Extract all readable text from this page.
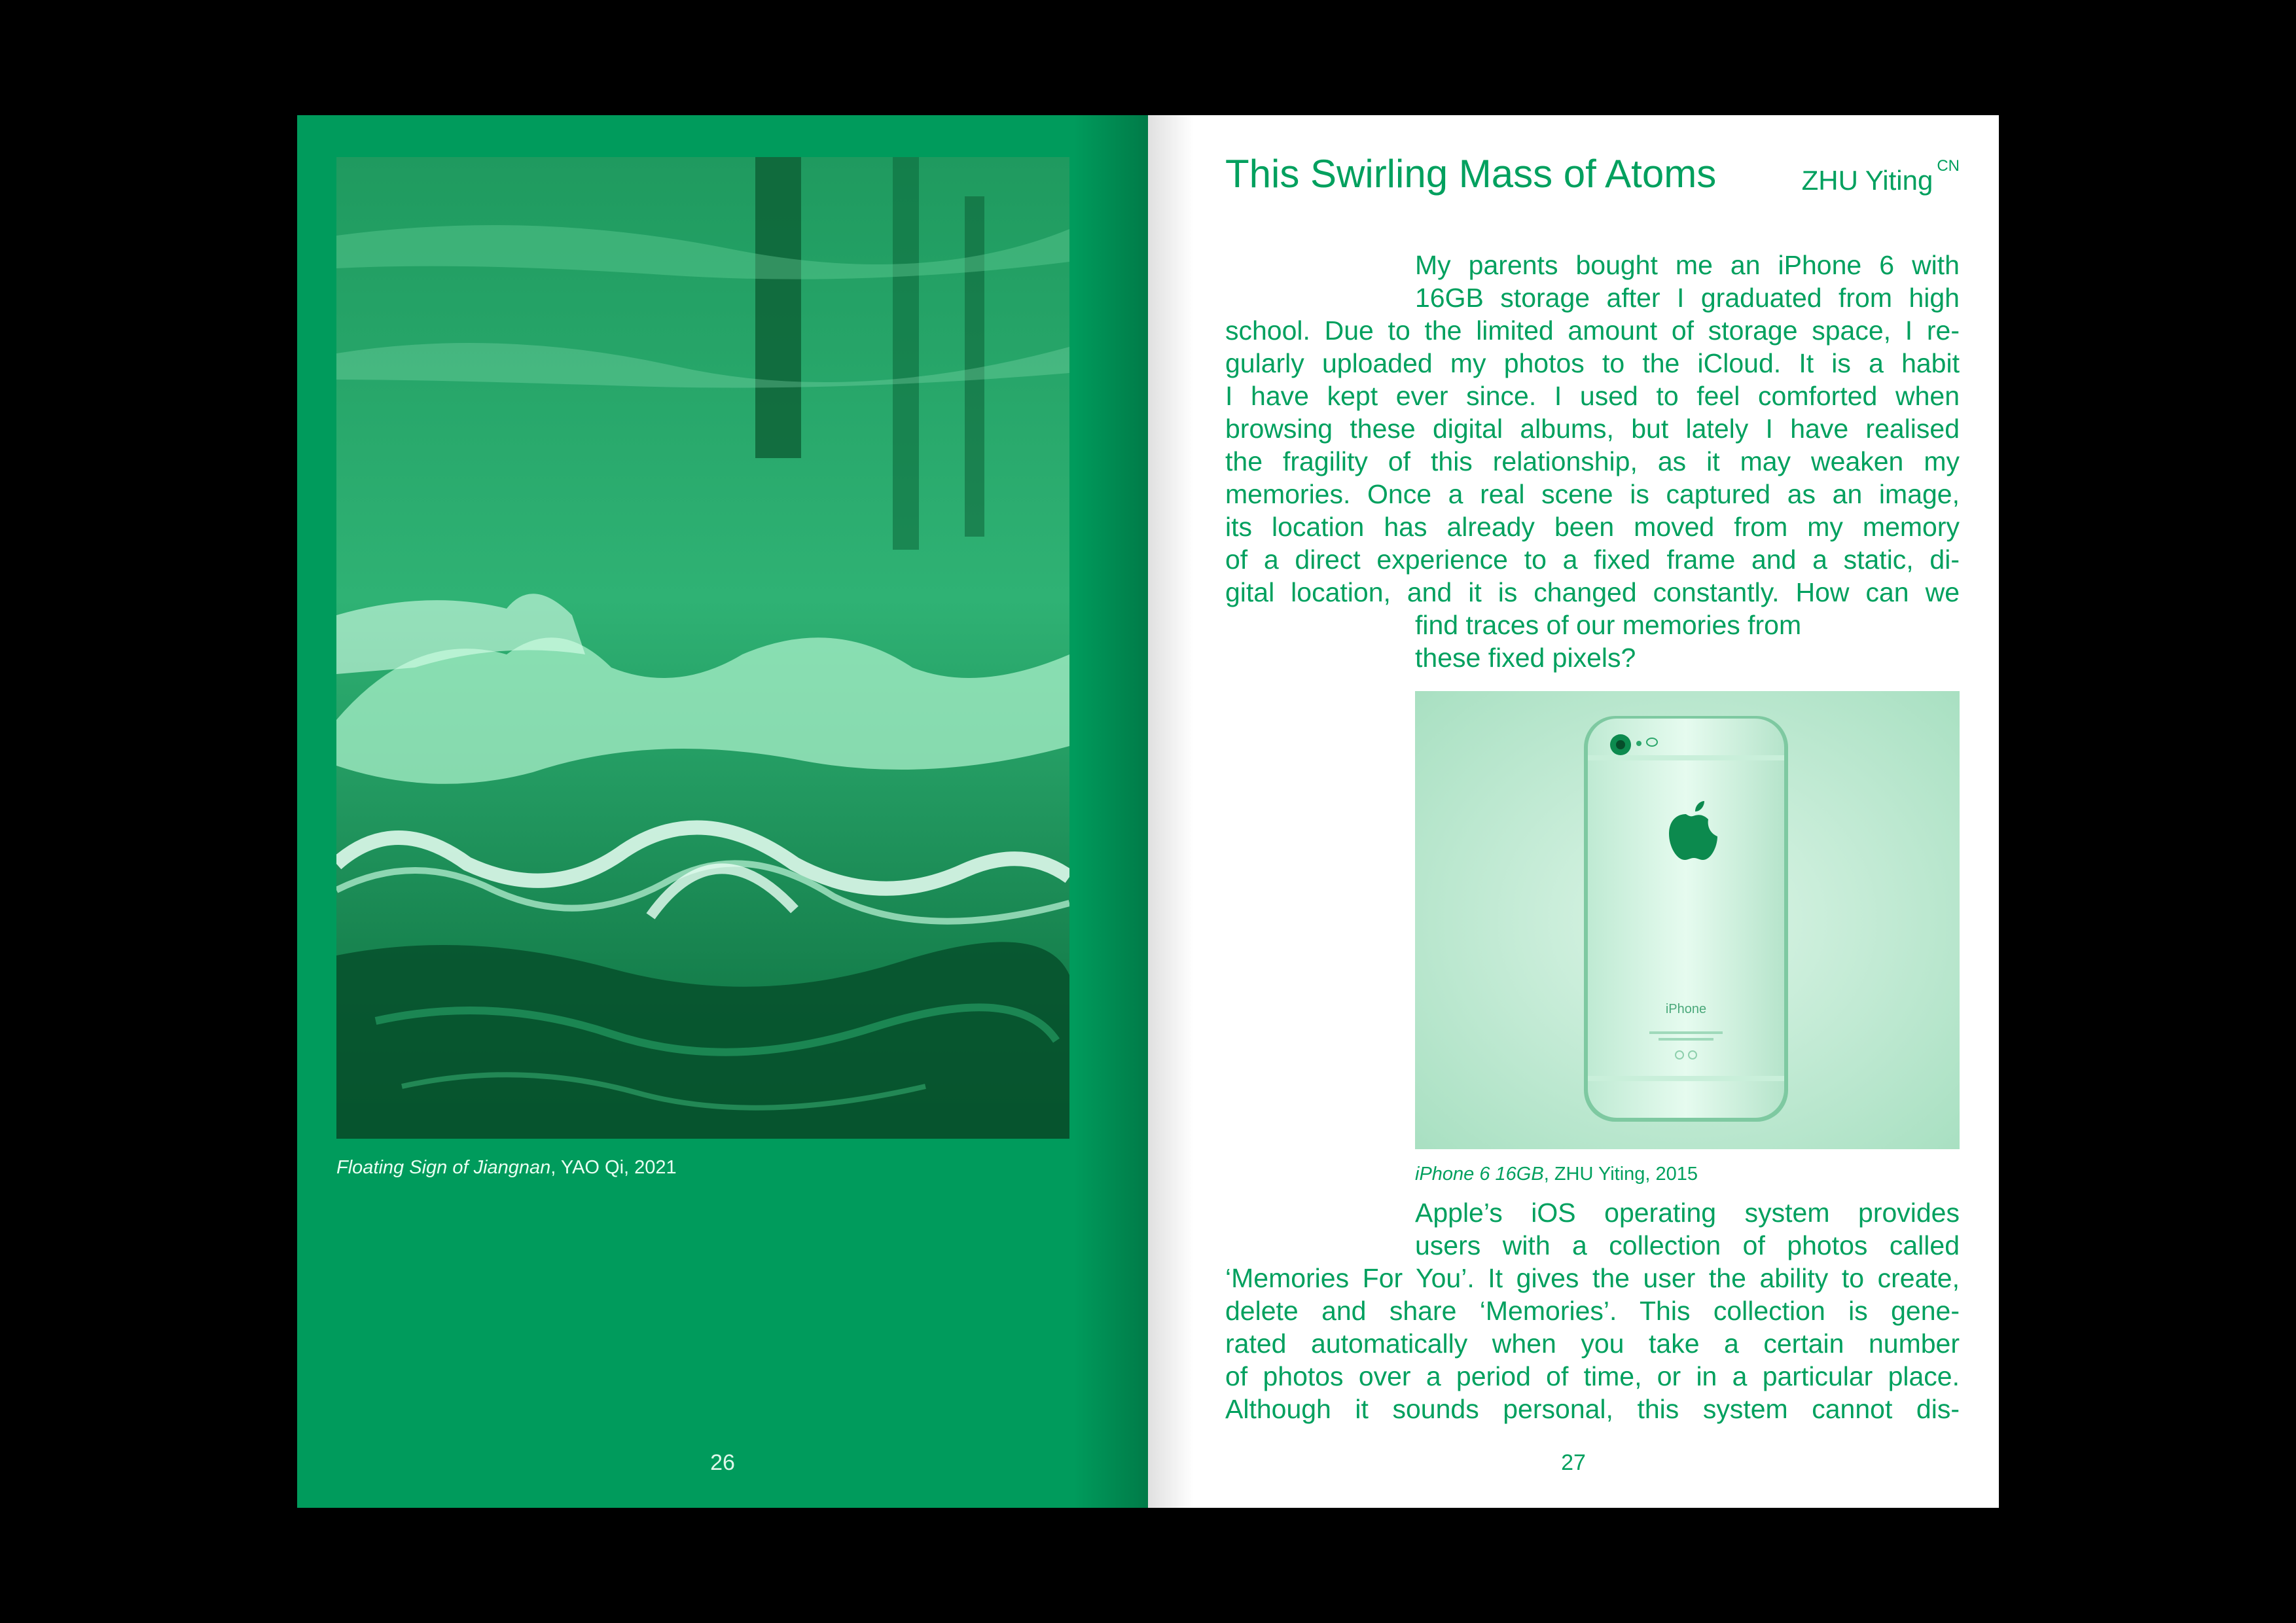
Floating Sign of Jiangnan, YAO Qi, 2021
26
This Swirling Mass of Atoms	ZHU Yiting $^{CN}$
My parents bought me an iPhone 6 with
16GB storage after I graduated from high
school. Due to the limited amount of storage space, I re-
gularly uploaded my photos to the iCloud. It is a habit
I have kept ever since. I used to feel comforted when
browsing these digital albums, but lately I have realised
the fragility of this relationship, as it may weaken my
memories. Once a real scene is captured as an image,
its location has already been moved from my memory
of a direct experience to a fixed frame and a static, di-
gital location, and it is changed constantly. How can we
find traces of our memories from
these fixed pixels?
iPhone
iPhone 6 16GB, ZHU Yiting, 2015
Apple’s iOS operating system provides
users with a collection of photos called
‘Memories For You’. It gives the user the ability to create,
delete and share ‘Memories’. This collection is gene-
rated automatically when you take a certain number
of photos over a period of time, or in a particular place.
Although it sounds personal, this system cannot dis-
27
